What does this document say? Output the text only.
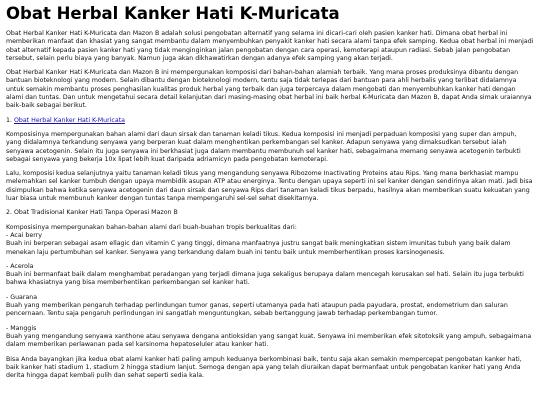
Obat Herbal Kanker Hati K-Muricata

Obat Herbal Kanker Hati K-Muricata dan Mazon B adalah solusi pengobatan alternatif yang selama ini dicari-cari oleh pasien kanker hati. Dimana obat herbal ini memberikan manfaat dan khasiat yang sangat membantu dalam menyembuhkan penyakit kanker hati secara alami tanpa efek samping. Kedua obat herbal ini menjadi obat alternatif kepada pasien kanker hati yang tidak menginginkan jalan pengobatan dengan cara operasi, kemoterapi ataupun radiasi. Sebab jalan pengobatan tersebut, selain perlu biaya yang banyak. Namun juga akan dikhawatirkan dengan adanya efek samping yang akan terjadi.

Obat Herbal Kanker Hati K-Muricata dan Mazon B ini mempergunakan komposisi dari bahan-bahan alamiah terbaik. Yang mana proses produksinya dibantu dengan bantuan bioteknologi yang modern. Selain dibantu dengan bioteknologi modern, tentu saja tidak terlepas dari bantuan para ahli herbalis yang terlibat didalamnya untuk semakin membantu proses penghasilan kualitas produk herbal yang terbaik dan juga terpercaya dalam mengobati dan menyembuhkan kanker hati dengan alami dan tuntas. Dan untuk mengetahui secara detail kelanjutan dari masing-masing obat herbal ini baik herbal K-Muricata dan Mazon B, dapat Anda simak uraiannya baik-baik sebagai berikut.

1. Obat Herbal Kanker Hati K-Muricata

Komposisinya mempergunakan bahan alami dari daun sirsak dan tanaman keladi tikus. Kedua komposisi ini menjadi perpaduan komposisi yang super dan ampuh, yang didalamnya terkandung senyawa yang berperan kuat dalam menghentikan perkembangan sel kanker. Adapun senyawa yang dimaksudkan tersebut ialah senyawa acetogenin. Selain itu juga senyawa ini berkhasiat juga dalam membantu membunuh sel kanker hati, sebagaimana memang senyawa acetogenin terbukti sebagai senyawa yang bekerja 10x lipat lebih kuat daripada adriamicyn pada pengobatan kemoterapi.

Lalu, komposisi kedua selanjutnya yaitu tanaman keladi tikus yang mengandung senyawa Ribozome Inactivating Proteins atau Rips. Yang mana berkhasiat mampu melemahkan sel kanker tumbuh dengan upaya membidik asupan ATP atau energinya. Tentu dengan upaya seperti ini sel kanker dengan sendirinya akan mati. Jadi bisa disimpulkan bahwa ketika senyawa acetogenin dari daun sirsak dan senyawa Rips dari tanaman keladi tikus berpadu, hasilnya akan memberikan suatu kekuatan yang luar biasa untuk membunuh kanker dengan tuntas tanpa mempengaruhi sel-sel sehat disekitarnya.

2. Obat Tradisional Kanker Hati Tanpa Operasi Mazon B

Komposisinya mempergunakan bahan-bahan alami dari buah-buahan tropis berkualitas dari:

- Acai berry
Buah ini berperan sebagai asam ellagic dan vitamin C yang tinggi, dimana manfaatnya justru sangat baik meningkatkan sistem imunitas tubuh yang baik dalam menekan laju pertumbuhan sel kanker. Senyawa yang terkandung dalam buah ini tentu baik untuk memberhentikan proses karsinogenesis.

- Acerola
Buah ini bermanfaat baik dalam menghambat peradangan yang terjadi dimana juga sekaligus berupaya dalam mencegah kerusakan sel hati. Selain itu juga terbukti bahwa khasiatnya yang bisa memberhentikan perkembangan sel kanker hati.

- Guarana
Buah yang memberikan pengaruh terhadap perlindungan tumor ganas, seperti utamanya pada hati ataupun pada payudara, prostat, endometrium dan saluran pencernaan. Tentu saja pengaruh perlindungan ini sangatlah menguntungkan, sebab bertanggung jawab terhadap perkembangan tumor.

- Manggis
Buah yang mengandung senyawa xanthone atau senyawa dengana antioksidan yang sangat kuat. Senyawa ini memberikan efek sitotoksik yang ampuh, sebagaimana dalam memberikan perlawanan pada sel karsinoma hepatoseluler atau kanker hati.

Bisa Anda bayangkan jika kedua obat alami kanker hati paling ampuh keduanya berkombinasi baik, tentu saja akan semakin mempercepat pengobatan kanker hati, baik kanker hati stadium 1, stadium 2 hingga stadium lanjut. Semoga dengan apa yang telah diuraikan dapat bermanfaat untuk pengobatan kanker hati yang Anda derita hingga dapat kembali pulih dan sehat seperti sedia kala.
